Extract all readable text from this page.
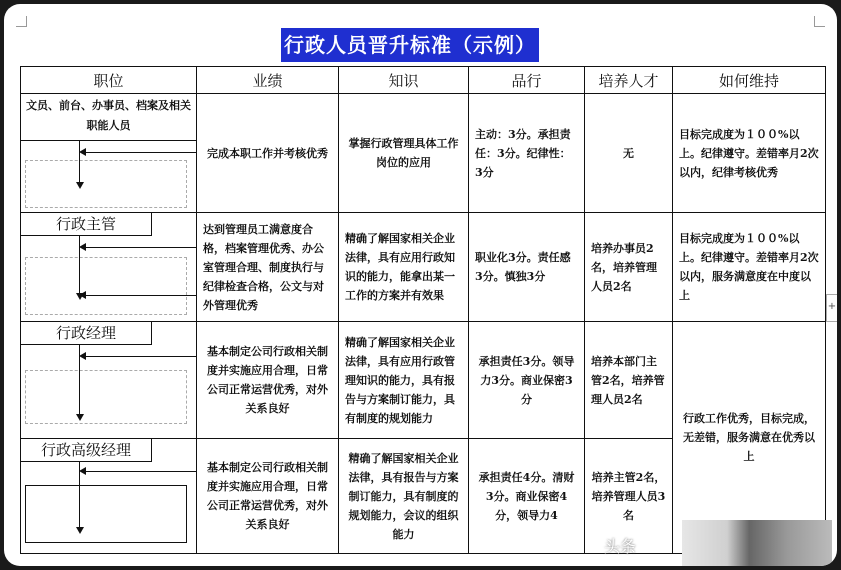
行政人员晋升标准（示例）
职位	业绩	知识	品行	培养人才	如何维持

文员、前台、办事员、档案及相关职能人员	完成本职工作并考核优秀	掌握行政管理具体工作岗位的应用	主动：3分。承担责任：3分。纪律性：3分	无	目标完成度为１００%以上。纪律遵守。差错率月2次以内，纪律考核优秀

行政主管	达到管理员工满意度合格，档案管理优秀、办公室管理合理、制度执行与纪律检查合格，公文与对外管理优秀	精确了解国家相关企业法律，具有应用行政知识的能力，能拿出某一工作的方案并有效果	职业化3分。责任感3分。慎独3分	培养办事员2名，培养管理人员2名	目标完成度为１００%以上。纪律遵守。差错率月2次以内，服务满意度在中度以上

行政经理	基本制定公司行政相关制度并实施应用合理，日常公司正常运营优秀，对外关系良好	精确了解国家相关企业法律，具有应用行政管理知识的能力，具有报告与方案制订能力，具有制度的规划能力	承担责任3分。领导力3分。商业保密3分	培养本部门主管2名，培养管理人员2名	行政工作优秀，目标完成，无差错，服务满意在优秀以上

行政高级经理	基本制定公司行政相关制度并实施应用合理，日常公司正常运营优秀，对外关系良好	精确了解国家相关企业法律，具有报告与方案制订能力，具有制度的规划能力，会议的组织能力	承担责任4分。清财3分。商业保密4分，领导力4	培养主管2名，培养管理人员3名	
+
头条
